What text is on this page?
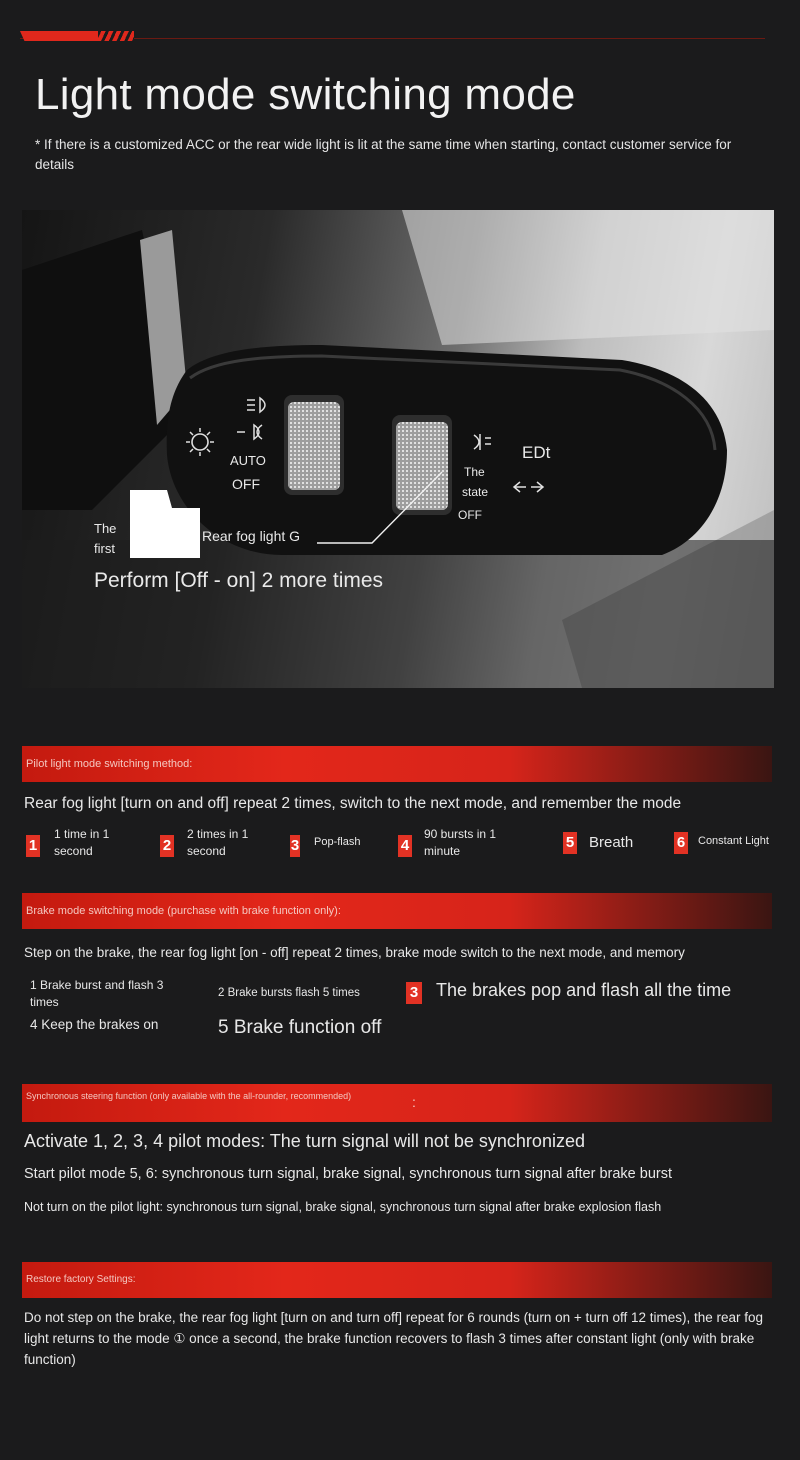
Light mode switching mode
* If there is a customized ACC or the rear wide light is lit at the same time when starting, contact customer service for details
AUTO
OFF
The
state
OFF
EDt
The
first
Rear fog light G
Perform [Off - on] 2 more times
Pilot light mode switching method:
Rear fog light [turn on and off] repeat 2 times, switch to the next mode, and remember the mode
1
1 time in 1 second	2
2 times in 1 second	3 Pop-flash	4
90 bursts in 1 minute	5 Breath	6 Constant Light
Brake mode switching mode (purchase with brake function only):
Step on the brake, the rear fog light [on - off] repeat 2 times, brake mode switch to the next mode, and memory
1 Brake burst and flash 3 times
2 Brake bursts flash 5 times	3 The brakes pop and flash all the time
4 Keep the brakes on	5 Brake function off
Synchronous steering function (only available with the all-rounder, recommended)	:
Activate 1, 2, 3, 4 pilot modes: The turn signal will not be synchronized
Start pilot mode 5, 6: synchronous turn signal, brake signal, synchronous turn signal after brake burst
Not turn on the pilot light: synchronous turn signal, brake signal, synchronous turn signal after brake explosion flash
Restore factory Settings:
Do not step on the brake, the rear fog light [turn on and turn off] repeat for 6 rounds (turn on + turn off 12 times), the rear fog light returns to the mode ① once a second, the brake function recovers to flash 3 times after constant light (only with brake function)
